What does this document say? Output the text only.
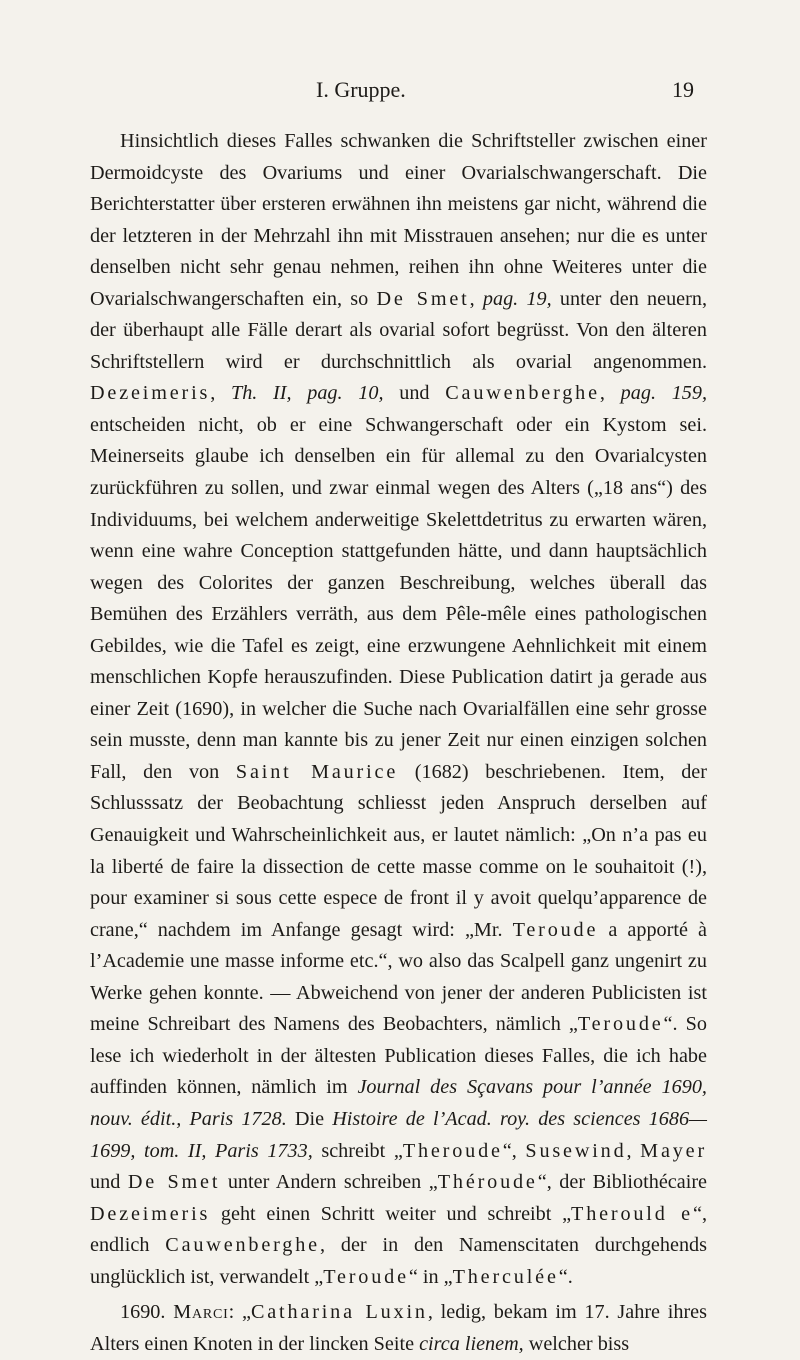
I. Gruppe.	19

Hinsichtlich dieses Falles schwanken die Schriftsteller zwischen einer Dermoidcyste des Ovariums und einer Ovarialschwangerschaft. Die Berichterstatter über ersteren erwähnen ihn meistens gar nicht, während die der letzteren in der Mehrzahl ihn mit Misstrauen ansehen; nur die es unter denselben nicht sehr genau nehmen, reihen ihn ohne Weiteres unter die Ovarialschwangerschaften ein, so De Smet, pag. 19, unter den neuern, der überhaupt alle Fälle derart als ovarial sofort begrüsst. Von den älteren Schriftstellern wird er durchschnittlich als ovarial angenommen. Dezeimeris, Th. II, pag. 10, und Cauwenberghe, pag. 159, entscheiden nicht, ob er eine Schwangerschaft oder ein Kystom sei. Meinerseits glaube ich denselben ein für allemal zu den Ovarialcysten zurückführen zu sollen, und zwar einmal wegen des Alters („18 ans“) des Individuums, bei welchem anderweitige Skelettdetritus zu erwarten wären, wenn eine wahre Conception stattgefunden hätte, und dann hauptsächlich wegen des Colorites der ganzen Beschreibung, welches überall das Bemühen des Erzählers verräth, aus dem Pêle-mêle eines pathologischen Gebildes, wie die Tafel es zeigt, eine erzwungene Aehnlichkeit mit einem menschlichen Kopfe herauszufinden. Diese Publication datirt ja gerade aus einer Zeit (1690), in welcher die Suche nach Ovarialfällen eine sehr grosse sein musste, denn man kannte bis zu jener Zeit nur einen einzigen solchen Fall, den von Saint Maurice (1682) beschriebenen. Item, der Schlusssatz der Beobachtung schliesst jeden Anspruch derselben auf Genauigkeit und Wahrscheinlichkeit aus, er lautet nämlich: „On n’a pas eu la liberté de faire la dissection de cette masse comme on le souhaitoit (!), pour examiner si sous cette espece de front il y avoit quelqu’apparence de crane,“ nachdem im Anfange gesagt wird: „Mr. Teroude a apporté à l’Academie une masse informe etc.“, wo also das Scalpell ganz ungenirt zu Werke gehen konnte. — Abweichend von jener der anderen Publicisten ist meine Schreibart des Namens des Beobachters, nämlich „Teroude“. So lese ich wiederholt in der ältesten Publication dieses Falles, die ich habe auffinden können, nämlich im Journal des Sçavans pour l’année 1690, nouv. édit., Paris 1728. Die Histoire de l’Acad. roy. des sciences 1686—1699, tom. II, Paris 1733, schreibt „Theroude“, Susewind, Mayer und De Smet unter Andern schreiben „Théroude“, der Bibliothécaire Dezeimeris geht einen Schritt weiter und schreibt „Therould e“, endlich Cauwenberghe, der in den Namenscitaten durchgehends unglücklich ist, verwandelt „Teroude“ in „Therculée“.

1690. Marci: „Catharina Luxin, ledig, bekam im 17. Jahre ihres Alters einen Knoten in der lincken Seite circa lienem, welcher biss
